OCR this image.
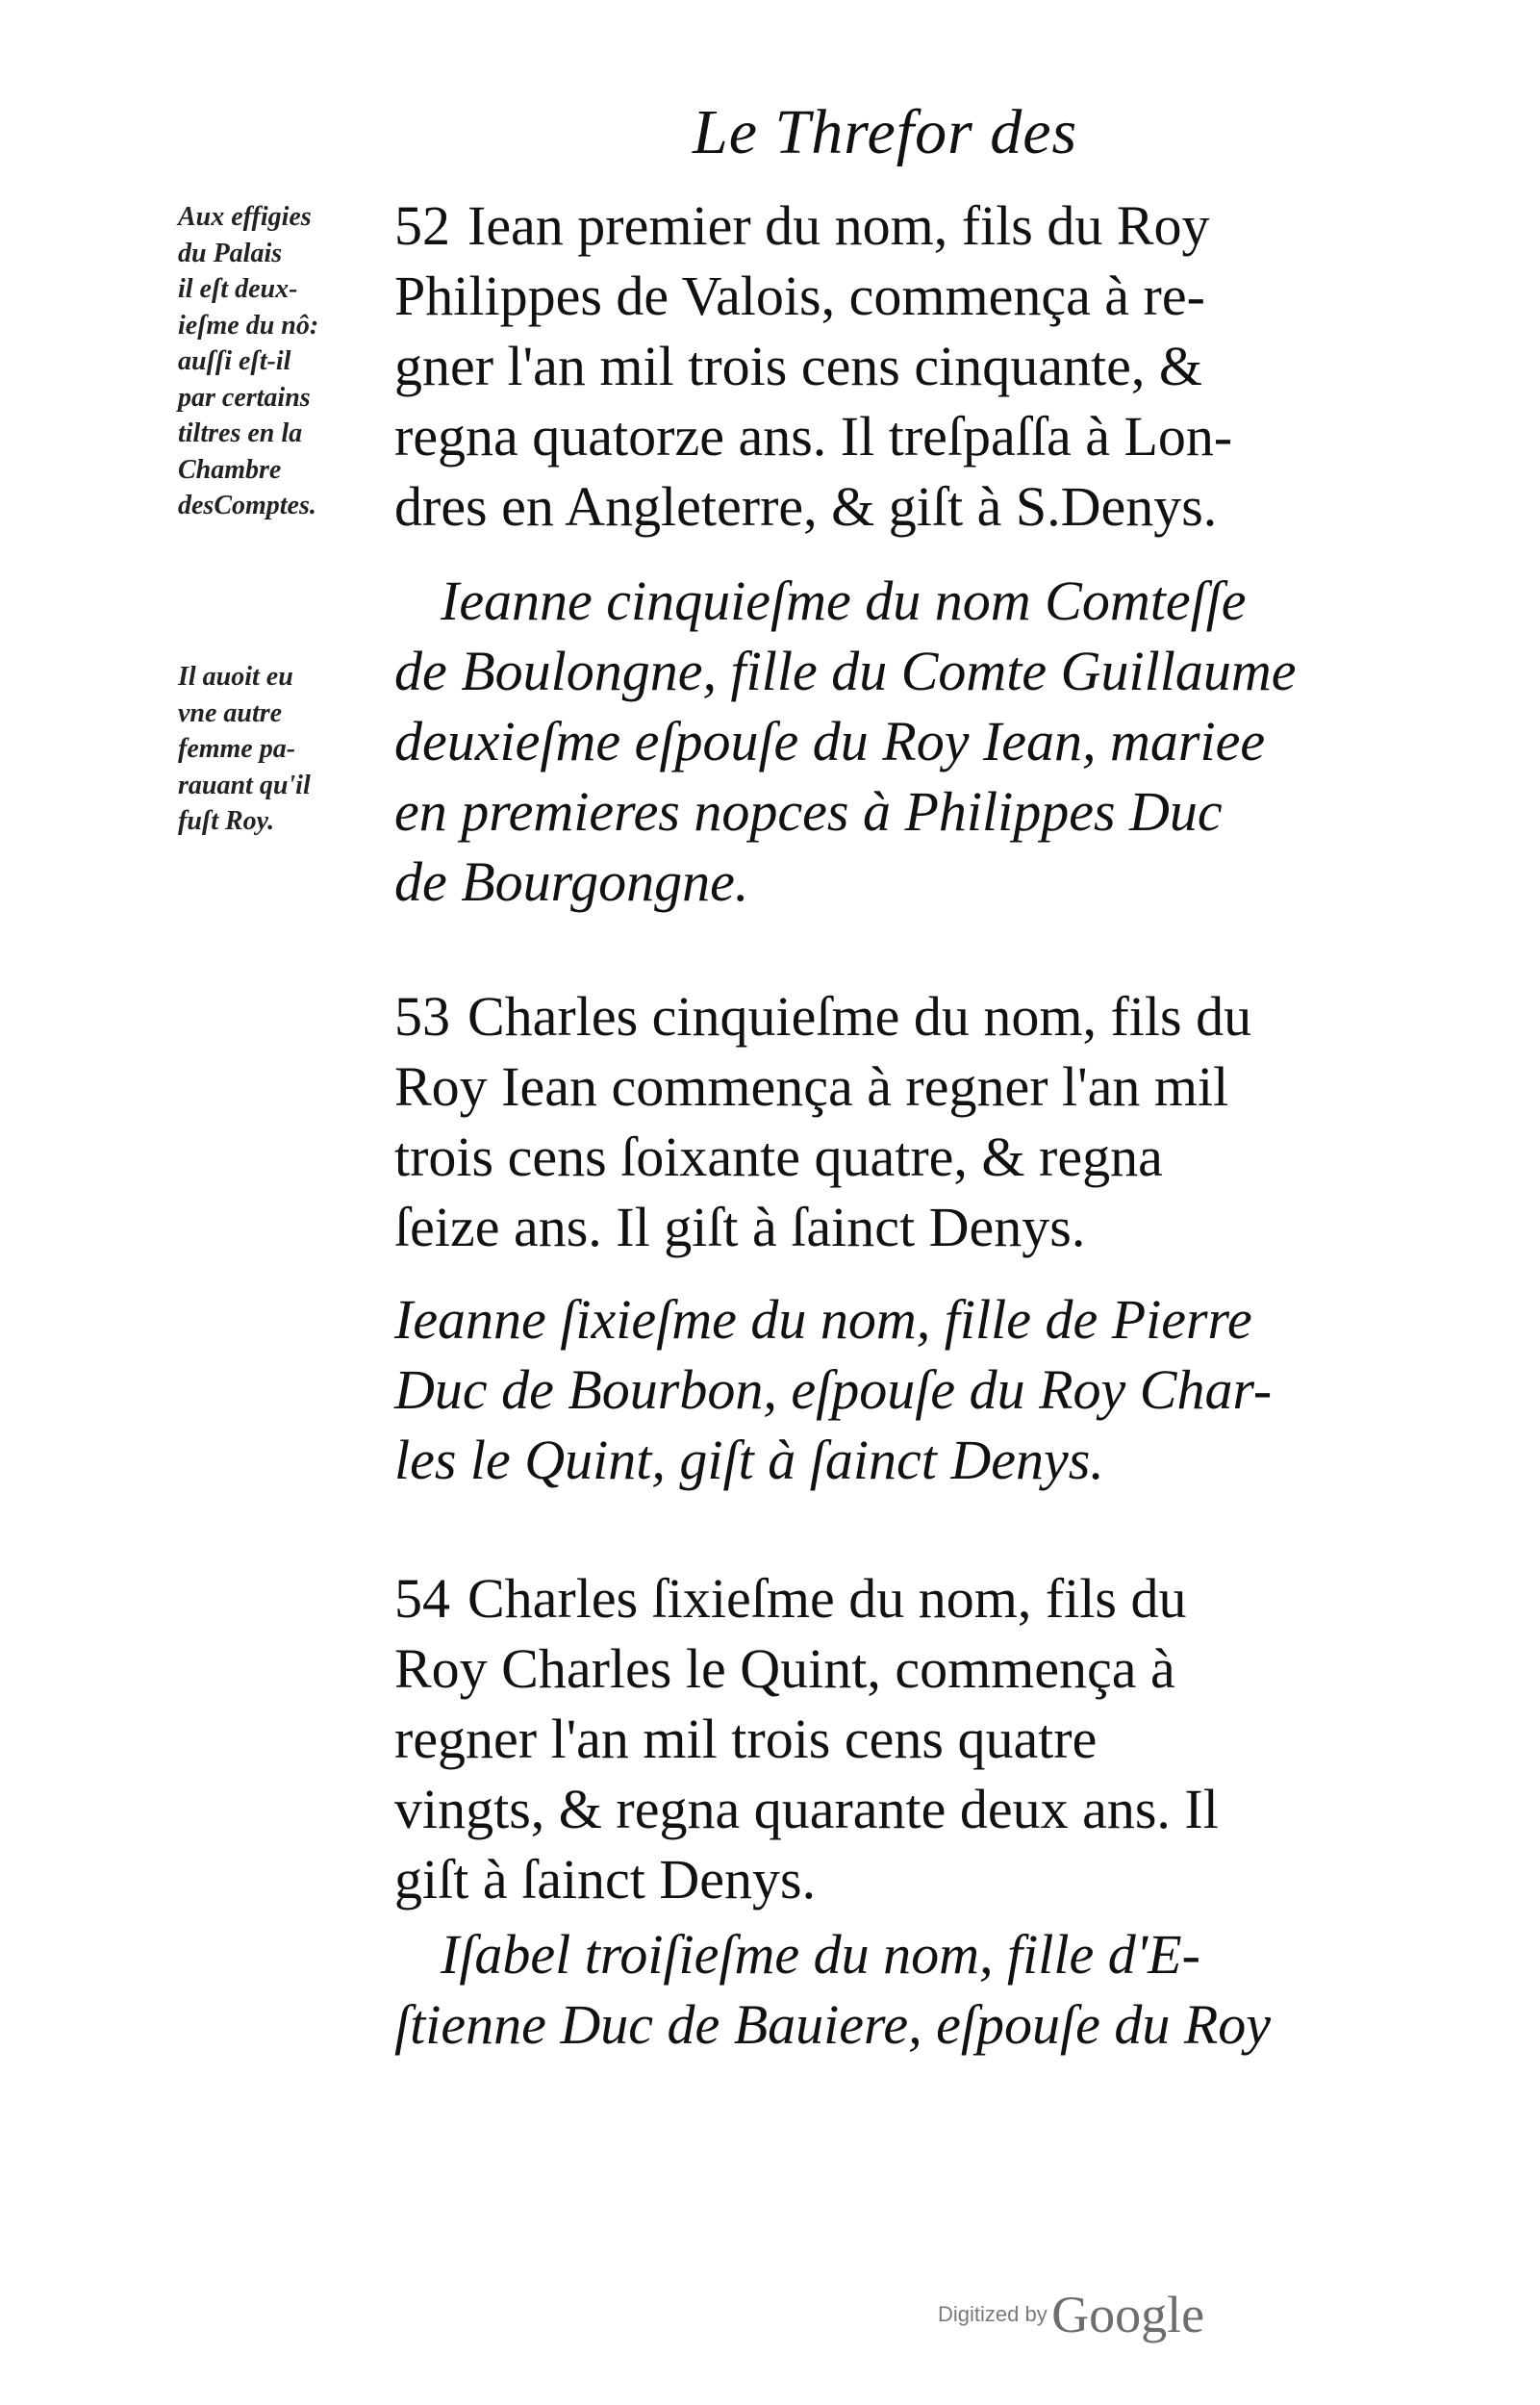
Le Threfor des
Aux effigies
du Palais
il eſt deux-
ieſme du nô:
auſſi eſt-il
par certains
tiltres en la
Chambre
desComptes.
Il auoit eu
vne autre
femme pa-
rauant qu'il
fuſt Roy.
52 Iean premier du nom, fils du Roy
Philippes de Valois, commença à re-
gner l'an mil trois cens cinquante, &
regna quatorze ans. Il treſpaſſa à Lon-
dres en Angleterre, & giſt à S.Denys.
Ieanne cinquieſme du nom Comteſſe
de Boulongne, fille du Comte Guillaume
deuxieſme eſpouſe du Roy Iean, mariee
en premieres nopces à Philippes Duc
de Bourgongne.
53 Charles cinquieſme du nom, fils du
Roy Iean commença à regner l'an mil
trois cens ſoixante quatre, & regna
ſeize ans. Il giſt à ſainct Denys.
Ieanne ſixieſme du nom, fille de Pierre
Duc de Bourbon, eſpouſe du Roy Char-
les le Quint, giſt à ſainct Denys.
54 Charles ſixieſme du nom, fils du
Roy Charles le Quint, commença à
regner l'an mil trois cens quatre
vingts, & regna quarante deux ans. Il
giſt à ſainct Denys.
Iſabel troiſieſme du nom, fille d'E-
ſtienne Duc de Bauiere, eſpouſe du Roy
Digitized by Google
